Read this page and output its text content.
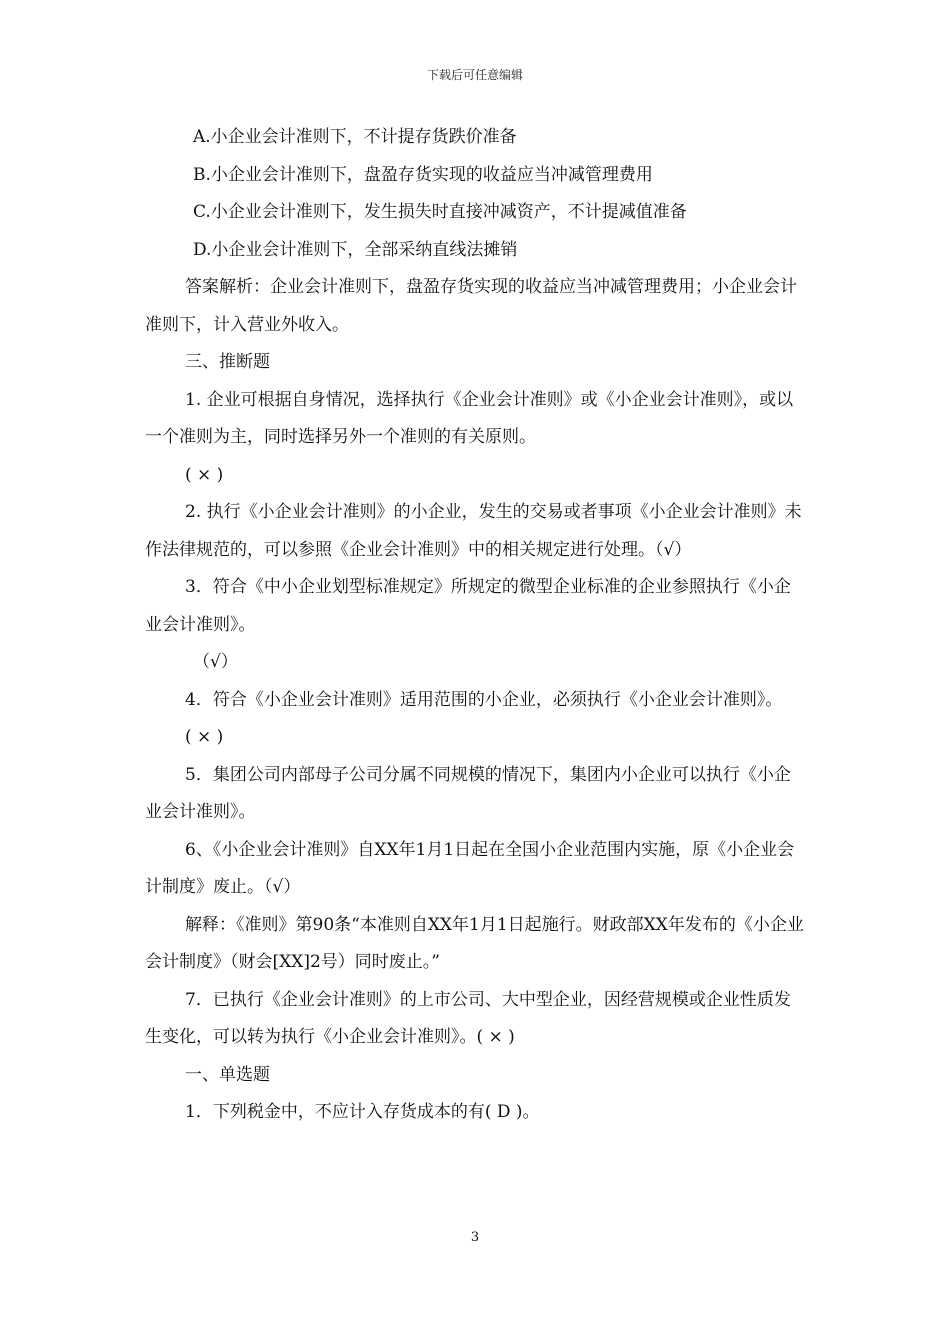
下载后可任意编辑

A.小企业会计准则下，不计提存货跌价准备

B.小企业会计准则下，盘盈存货实现的收益应当冲减管理费用

C.小企业会计准则下，发生损失时直接冲减资产，不计提减值准备

D.小企业会计准则下，全部采纳直线法摊销

答案解析：企业会计准则下，盘盈存货实现的收益应当冲减管理费用；小企业会计准则下，计入营业外收入。

三、推断题

1. 企业可根据自身情况，选择执行《企业会计准则》或《小企业会计准则》，或以一个准则为主，同时选择另外一个准则的有关原则。

( × )

2. 执行《小企业会计准则》的小企业，发生的交易或者事项《小企业会计准则》未作法律规范的，可以参照《企业会计准则》中的相关规定进行处理。（√）

3．符合《中小企业划型标准规定》所规定的微型企业标准的企业参照执行《小企业会计准则》。

（√）

4．符合《小企业会计准则》适用范围的小企业，必须执行《小企业会计准则》。

( × )

5．集团公司内部母子公司分属不同规模的情况下，集团内小企业可以执行《小企业会计准则》。

6、《小企业会计准则》自XX年1月1日起在全国小企业范围内实施，原《小企业会计制度》废止。（√）

解释：《准则》第90条“本准则自XX年1月1日起施行。财政部XX年发布的《小企业会计制度》（财会[XX]2号）同时废止。”

7．已执行《企业会计准则》的上市公司、大中型企业，因经营规模或企业性质发生变化，可以转为执行《小企业会计准则》。( × )

一、单选题

1．下列税金中，不应计入存货成本的有( D )。

3
